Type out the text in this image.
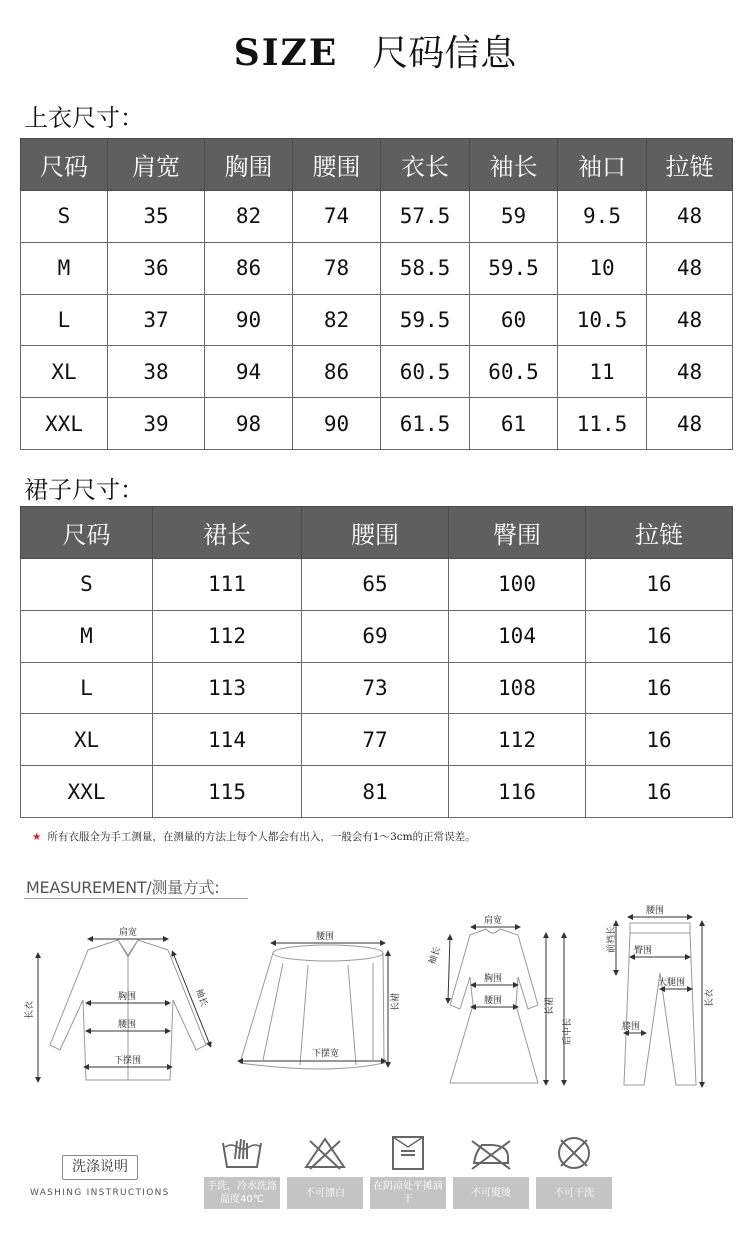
SIZE 尺码信息
上衣尺寸：
尺码	肩宽	胸围	腰围	衣长	袖长	袖口	拉链
S	35	82	74	57.5	59	9.5	48
M	36	86	78	58.5	59.5	10	48
L	37	90	82	59.5	60	10.5	48
XL	38	94	86	60.5	60.5	11	48
XXL	39	98	90	61.5	61	11.5	48
裙子尺寸：
尺码	裙长	腰围	臀围	拉链
S	111	65	100	16
M	112	69	104	16
L	113	73	108	16
XL	114	77	112	16
XXL	115	81	116	16
★ 所有衣服全为手工测量，在测量的方法上每个人都会有出入，一般会有1～3cm的正常误差。
MEASUREMENT/测量方式:
肩宽
长衣
胸围
腰围
下摆围
袖长
腰围
长裙
下摆宽
肩宽
袖长
胸围
腰围	长裙
后中长
腰围
前裆长 臀围
大腿围
长衣
膝围
洗涤说明
WASHING INSTRUCTIONS
手洗，冷水洗涤温度40℃
不可漂白
在阴凉处平摊滴干
不可熨烫	不可干洗
